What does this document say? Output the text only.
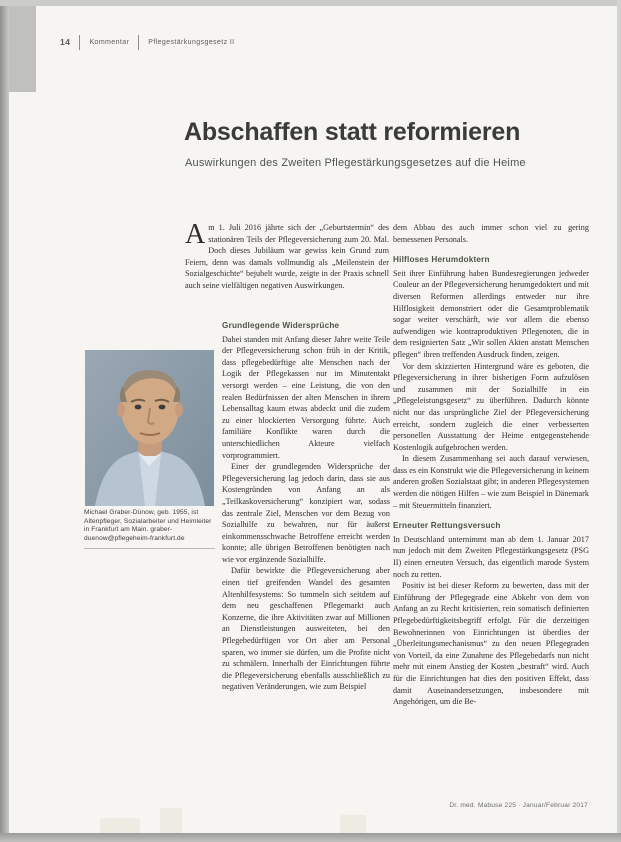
14	Kommentar	Pflegestärkungsgesetz II
Abschaffen statt reformieren
Auswirkungen des Zweiten Pflegestärkungsgesetzes auf die Heime
Am 1. Juli 2016 jährte sich der „Geburtstermin“ des stationären Teils der Pflegeversicherung zum 20. Mal. Doch dieses Jubiläum war gewiss kein Grund zum Feiern, denn was damals vollmundig als „Meilenstein der Sozialgeschichte“ bejubelt wurde, zeigte in der Praxis schnell auch seine vielfältigen negativen Auswirkungen.
Michael Graber-Dünow, geb. 1955, ist Altenpfleger, Sozialarbeiter und Heimleiter in Frankfurt am Main. graber-duenow@pflegeheim-frankfurt.de
Grundlegende Widersprüche

Dabei standen mit Anfang dieser Jahre weite Teile der Pflegeversicherung schon früh in der Kritik, dass pflegebedürftige alte Menschen nach der Logik der Pflegekassen nur im Minutentakt versorgt werden – eine Leistung, die von den realen Bedürfnissen der alten Menschen in ihrem Lebensalltag kaum etwas abdeckt und die zudem zu einer blockierten Versorgung führte. Auch familiäre Konflikte waren durch die unterschiedlichen Akteure vielfach vorprogrammiert.

Einer der grundlegenden Widersprüche der Pflegeversicherung lag jedoch darin, dass sie aus Kostengründen von Anfang an als „Teilkaskoversicherung“ konzipiert war, sodass das zentrale Ziel, Menschen vor dem Bezug von Sozialhilfe zu bewahren, nur für äußerst einkommensschwache Betroffene erreicht werden konnte; alle übrigen Betroffenen benötigten nach wie vor ergänzende Sozialhilfe.

Dafür bewirkte die Pflegeversicherung aber einen tief greifenden Wandel des gesamten Altenhilfesystems: So tummeln sich seitdem auf dem neu geschaffenen Pflegemarkt auch Konzerne, die ihre Aktivitäten zwar auf Millionen an Dienstleistungen ausweiteten, bei den Pflegebedürftigen vor Ort aber am Personal sparen, wo immer sie dürfen, um die Profite nicht zu schmälern. Innerhalb der Einrichtungen führte die Pflegeversicherung ebenfalls ausschließlich zu negativen Veränderungen, wie zum Beispiel

dem Abbau des auch immer schon viel zu gering bemessenen Personals.

Hilfloses Herumdoktern

Seit ihrer Einführung haben Bundesregierungen jedweder Couleur an der Pflegeversicherung herumgedoktert und mit diversen Reformen allerdings entweder nur ihre Hilflosigkeit demonstriert oder die Gesamtproblematik sogar weiter verschärft, wie vor allem die ebenso aufwendigen wie kontraproduktiven Pflegenoten, die in dem resignierten Satz „Wir sollen Akten anstatt Menschen pflegen“ ihren treffenden Ausdruck finden, zeigen.

Vor dem skizzierten Hintergrund wäre es geboten, die Pflegeversicherung in ihrer bisherigen Form aufzulösen und zusammen mit der Sozialhilfe in ein „Pflegeleistungsgesetz“ zu überführen. Dadurch könnte nicht nur das ursprüngliche Ziel der Pflegeversicherung erreicht, sondern zugleich die einer verbesserten personellen Ausstattung der Heime entgegenstehende Kostenlogik aufgebrochen werden.

In diesem Zusammenhang sei auch darauf verwiesen, dass es ein Konstrukt wie die Pflegeversicherung in keinem anderen großen Sozialstaat gibt; in anderen Pflegesystemen werden die nötigen Hilfen – wie zum Beispiel in Dänemark – mit Steuermitteln finanziert.

Erneuter Rettungsversuch

In Deutschland unternimmt man ab dem 1. Januar 2017 nun jedoch mit dem Zweiten Pflegestärkungsgesetz (PSG II) einen erneuten Versuch, das eigentlich marode System noch zu retten.

Positiv ist bei dieser Reform zu bewerten, dass mit der Einführung der Pflegegrade eine Abkehr von dem von Anfang an zu Recht kritisierten, rein somatisch definierten Pflegebedürftigkeitsbegriff erfolgt. Für die derzeitigen Bewohnerinnen von Einrichtungen ist überdies der „Überleitungsmechanismus“ zu den neuen Pflegegraden von Vorteil, da eine Zunahme des Pflegebedarfs nun nicht mehr mit einem Anstieg der Kosten „bestraft“ wird. Auch für die Einrichtungen hat dies den positiven Effekt, dass damit Auseinandersetzungen, insbesondere mit Angehörigen, um die Be-

Dr. med. Mabuse 225 · Januar/Februar 2017
